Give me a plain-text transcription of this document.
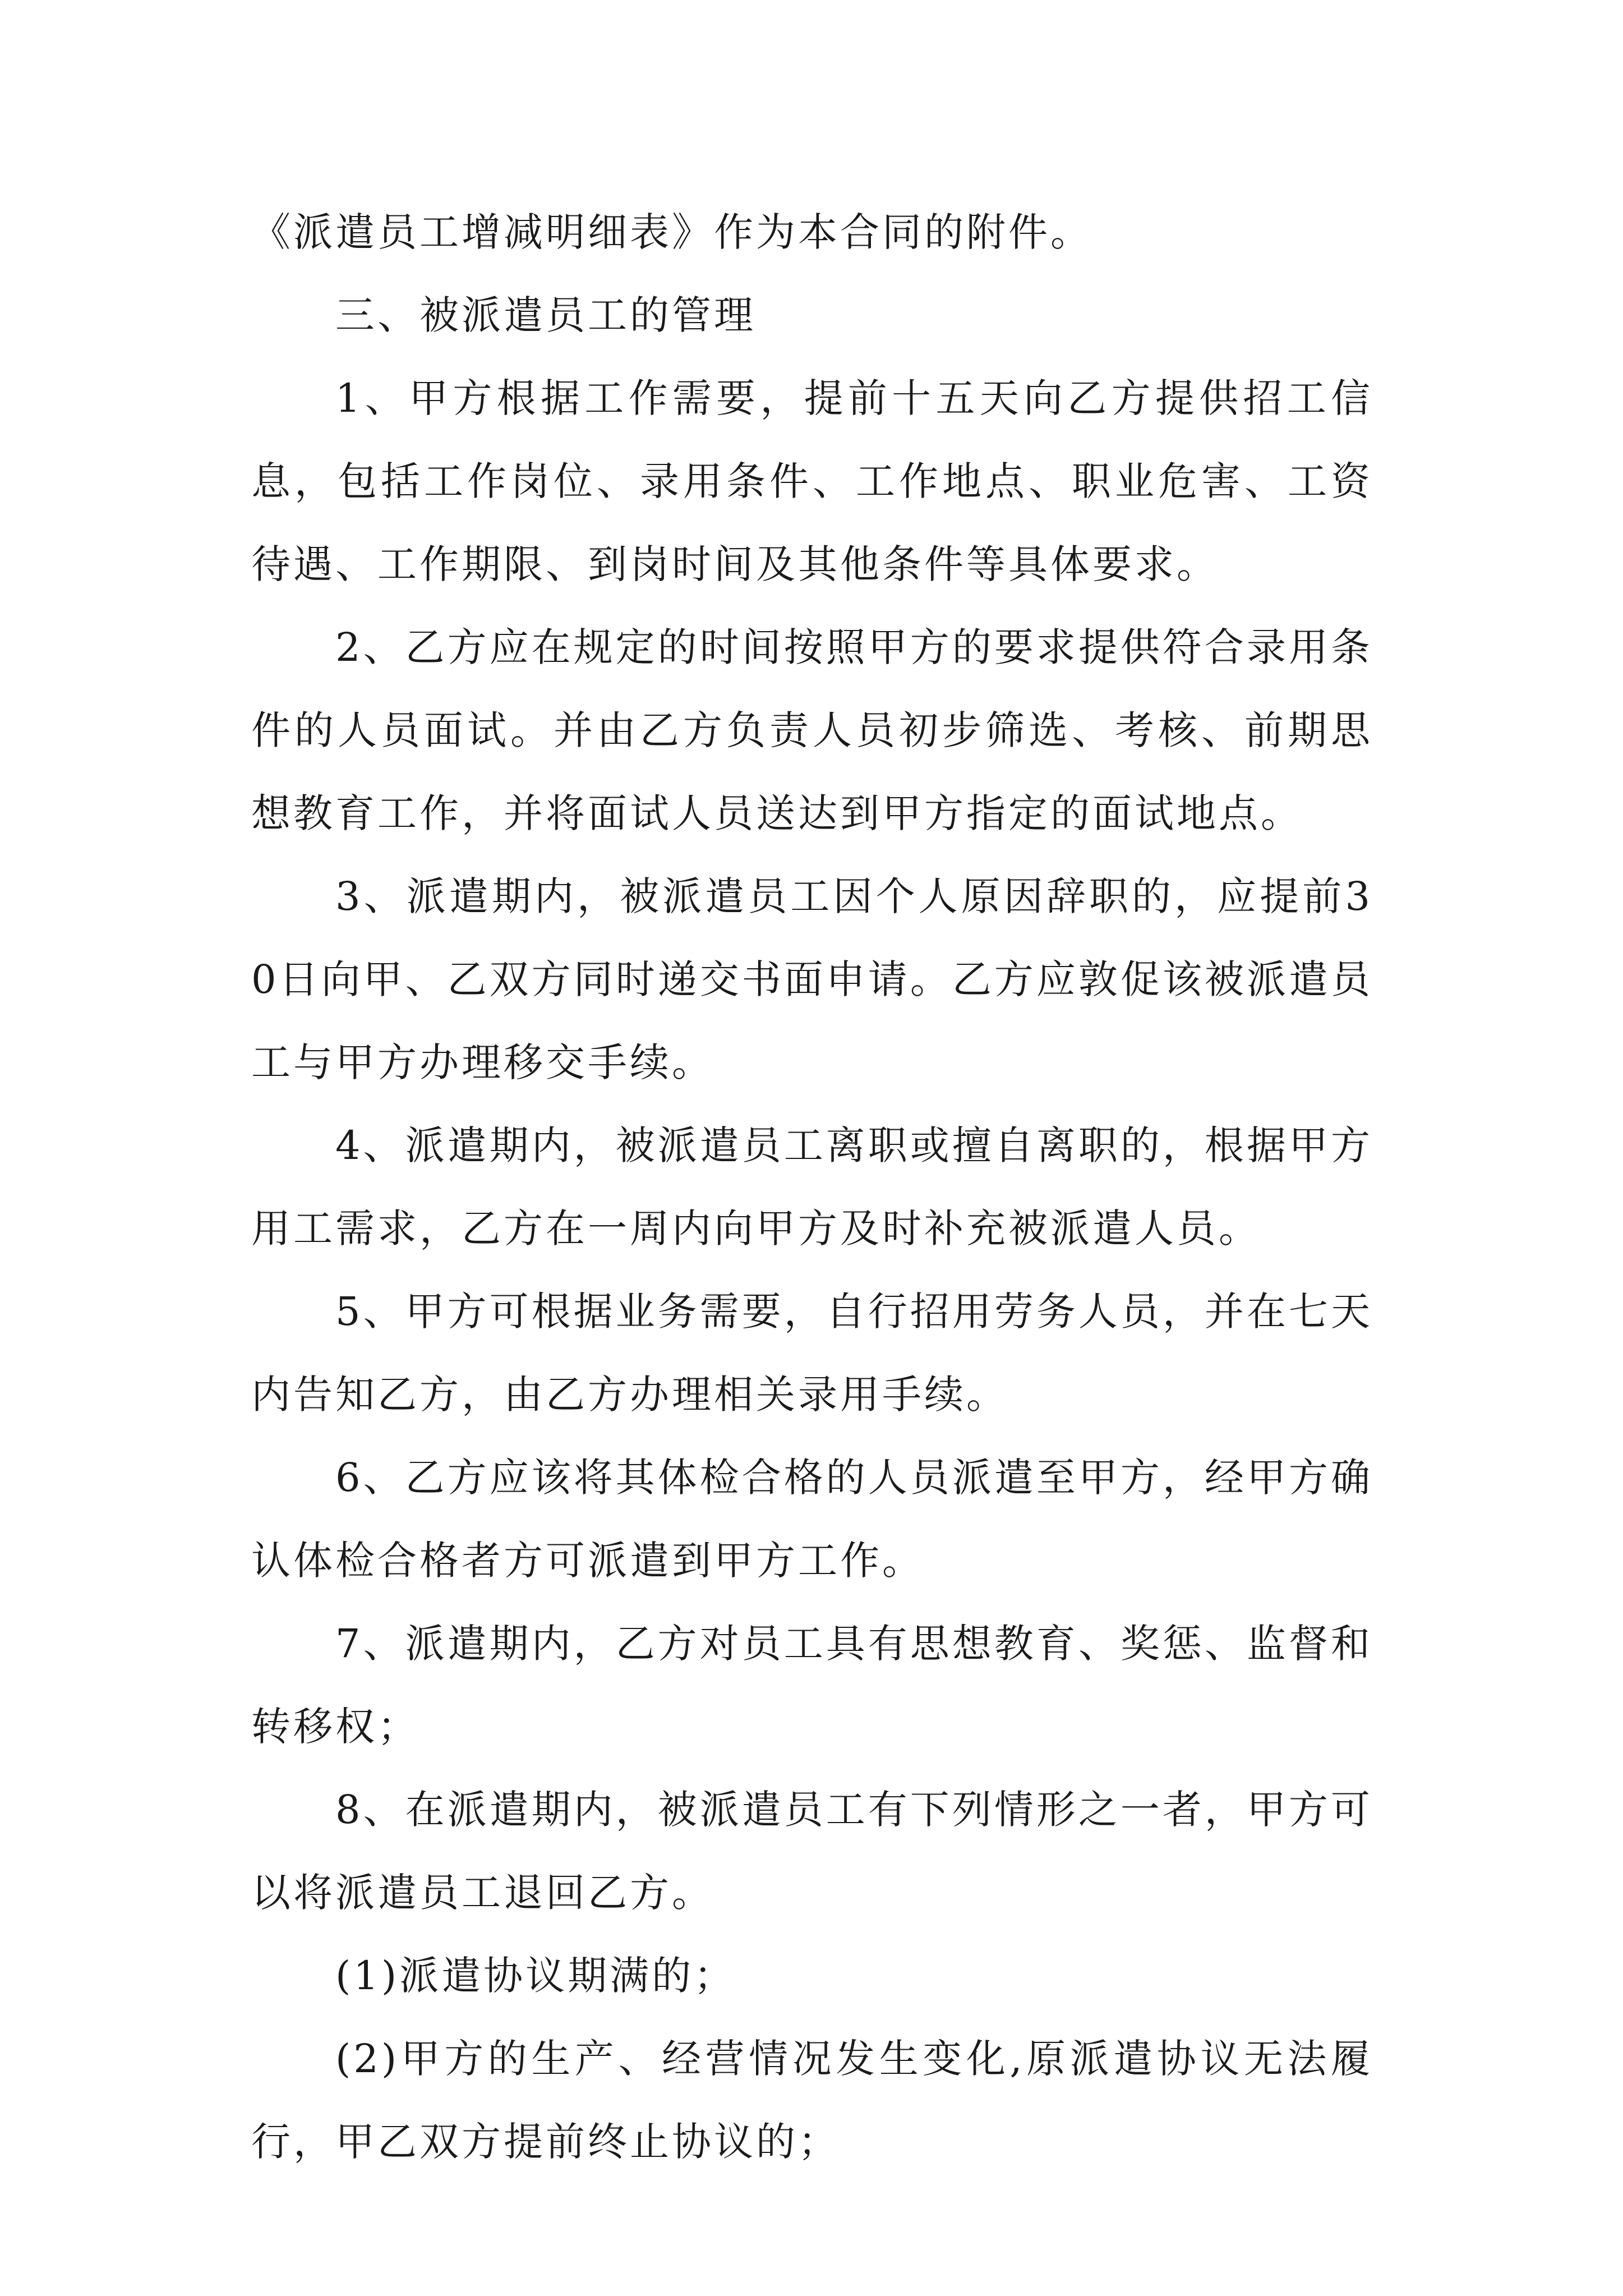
《派遣员工增减明细表》作为本合同的附件。

三、被派遣员工的管理

1、甲方根据工作需要，提前十五天向乙方提供招工信息，包括工作岗位、录用条件、工作地点、职业危害、工资待遇、工作期限、到岗时间及其他条件等具体要求。

2、乙方应在规定的时间按照甲方的要求提供符合录用条件的人员面试。并由乙方负责人员初步筛选、考核、前期思想教育工作，并将面试人员送达到甲方指定的面试地点。

3、派遣期内，被派遣员工因个人原因辞职的，应提前30日向甲、乙双方同时递交书面申请。乙方应敦促该被派遣员工与甲方办理移交手续。

4、派遣期内，被派遣员工离职或擅自离职的，根据甲方用工需求，乙方在一周内向甲方及时补充被派遣人员。

5、甲方可根据业务需要，自行招用劳务人员，并在七天内告知乙方，由乙方办理相关录用手续。

6、乙方应该将其体检合格的人员派遣至甲方，经甲方确认体检合格者方可派遣到甲方工作。

7、派遣期内，乙方对员工具有思想教育、奖惩、监督和转移权；

8、在派遣期内，被派遣员工有下列情形之一者，甲方可以将派遣员工退回乙方。

(1)派遣协议期满的；

(2)甲方的生产、经营情况发生变化,原派遣协议无法履行，甲乙双方提前终止协议的；
